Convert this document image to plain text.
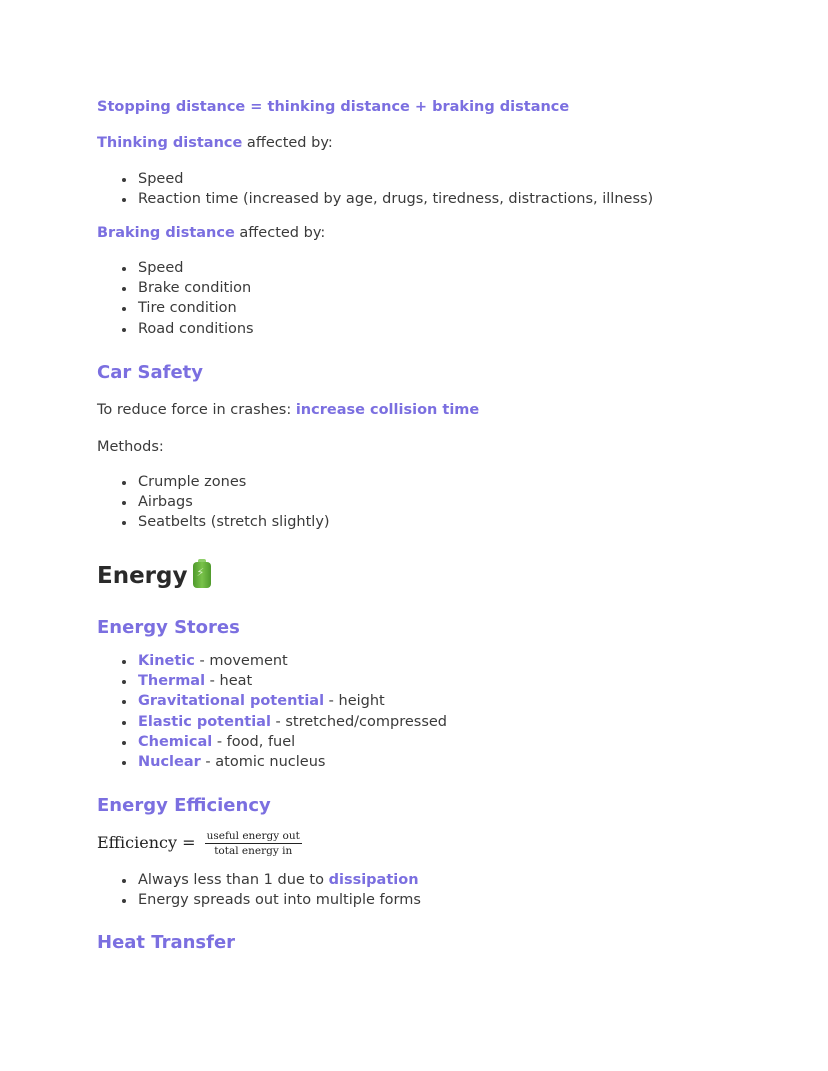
Stopping distance = thinking distance + braking distance

Thinking distance affected by:

Speed
Reaction time (increased by age, drugs, tiredness, distractions, illness)

Braking distance affected by:

Speed
Brake condition
Tire condition
Road conditions
Car Safety

To reduce force in crashes: increase collision time

Methods:

Crumple zones
Airbags
Seatbelts (stretch slightly)
Energy⚡
Energy Stores
Kinetic - movement
Thermal - heat
Gravitational potential - height
Elastic potential - stretched/compressed
Chemical - food, fuel
Nuclear - atomic nucleus
Energy Efficiency
Efficiency = $\frac{\text{useful energy out}}{\text{total energy in}}$
Always less than 1 due to dissipation
Energy spreads out into multiple forms
Heat Transfer
